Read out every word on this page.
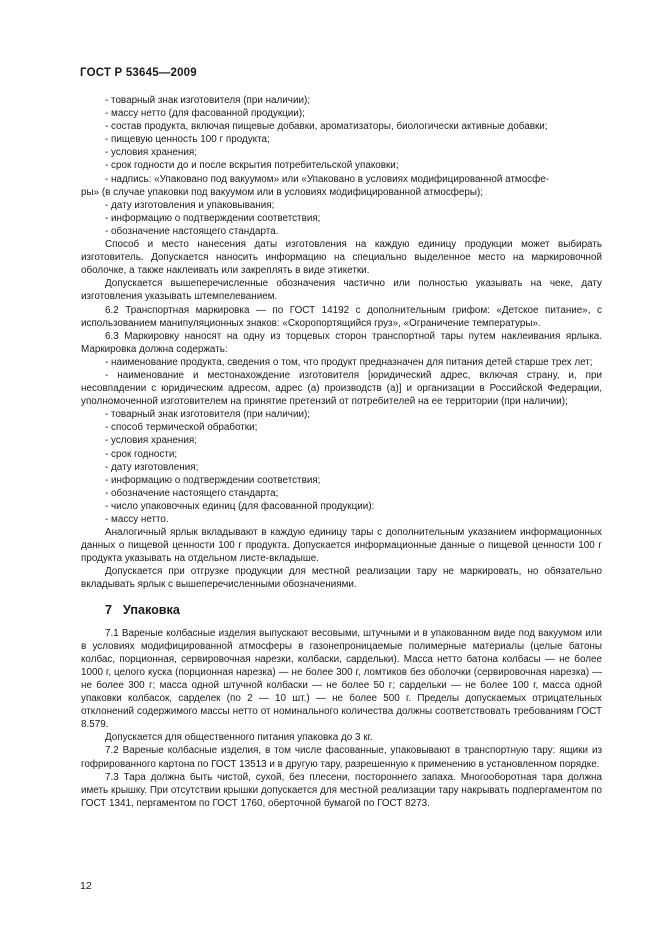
ГОСТ Р 53645—2009

- товарный знак изготовителя (при наличии);

- массу нетто (для фасованной продукции);

- состав продукта, включая пищевые добавки, ароматизаторы, биологически активные добавки;

- пищевую ценность 100 г продукта;

- условия хранения;

- срок годности до и после вскрытия потребительской упаковки;

- надпись: «Упаковано под вакуумом» или «Упаковано в условиях модифицированной атмосфе-

ры» (в случае упаковки под вакуумом или в условиях модифицированной атмосферы);

- дату изготовления и упаковывания;

- информацию о подтверждении соответствия;

- обозначение настоящего стандарта.

Способ и место нанесения даты изготовления на каждую единицу продукции может выбирать изготовитель. Допускается наносить информацию на специально выделенное место на маркировочной оболочке, а также наклеивать или закреплять в виде этикетки.

Допускается вышеперечисленные обозначения частично или полностью указывать на чеке, дату изготовления указывать штемпелеванием.

6.2 Транспортная маркировка — по ГОСТ 14192 с дополнительным грифом: «Детское питание», с использованием манипуляционных знаков: «Скоропортящийся груз», «Ограничение температуры».

6.3 Маркировку наносят на одну из торцевых сторон транспортной тары путем наклеивания ярлыка. Маркировка должна содержать:

- наименование продукта, сведения о том, что продукт предназначен для питания детей старше трех лет;

- наименование и местонахождение изготовителя [юридический адрес, включая страну, и, при несовпадении с юридическим адресом, адрес (а) производств (а)] и организации в Российской Федерации, уполномоченной изготовителем на принятие претензий от потребителей на ее территории (при наличии);

- товарный знак изготовителя (при наличии);

- способ термической обработки;

- условия хранения;

- срок годности;

- дату изготовления;

- информацию о подтверждении соответствия;

- обозначение настоящего стандарта;

- число упаковочных единиц (для фасованной продукции):

- массу нетто.

Аналогичный ярлык вкладывают в каждую единицу тары с дополнительным указанием информационных данных о пищевой ценности 100 г продукта. Допускается информационные данные о пищевой ценности 100 г продукта указывать на отдельном листе-вкладыше.

Допускается при отгрузке продукции для местной реализации тару не маркировать, но обязательно вкладывать ярлык с вышеперечисленными обозначениями.

7 Упаковка

7.1 Вареные колбасные изделия выпускают весовыми, штучными и в упакованном виде под вакуумом или в условиях модифицированной атмосферы в газонепроницаемые полимерные материалы (целые батоны колбас, порционная, сервировочная нарезки, колбаски, сардельки). Масса нетто батона колбасы — не более 1000 г, целого куска (порционная нарезка) — не более 300 г, ломтиков без оболочки (сервировочная нарезка) — не более 300 г; масса одной штучной колбаски — не более 50 г; сардельки — не более 100 г, масса одной упаковки колбасок, сарделек (по 2 — 10 шт.) — не более 500 г. Пределы допускаемых отрицательных отклонений содержимого массы нетто от номинального количества должны соответствовать требованиям ГОСТ 8.579.

Допускается для общественного питания упаковка до 3 кг.

7.2 Вареные колбасные изделия, в том числе фасованные, упаковывают в транспортную тару: ящики из гофрированного картона по ГОСТ 13513 и в другую тару, разрешенную к применению в установленном порядке.

7.3 Тара должна быть чистой, сухой, без плесени, постороннего запаха. Многооборотная тара должна иметь крышку. При отсутствии крышки допускается для местной реализации тару накрывать подпергаментом по ГОСТ 1341, пергаментом по ГОСТ 1760, оберточной бумагой по ГОСТ 8273.

12
